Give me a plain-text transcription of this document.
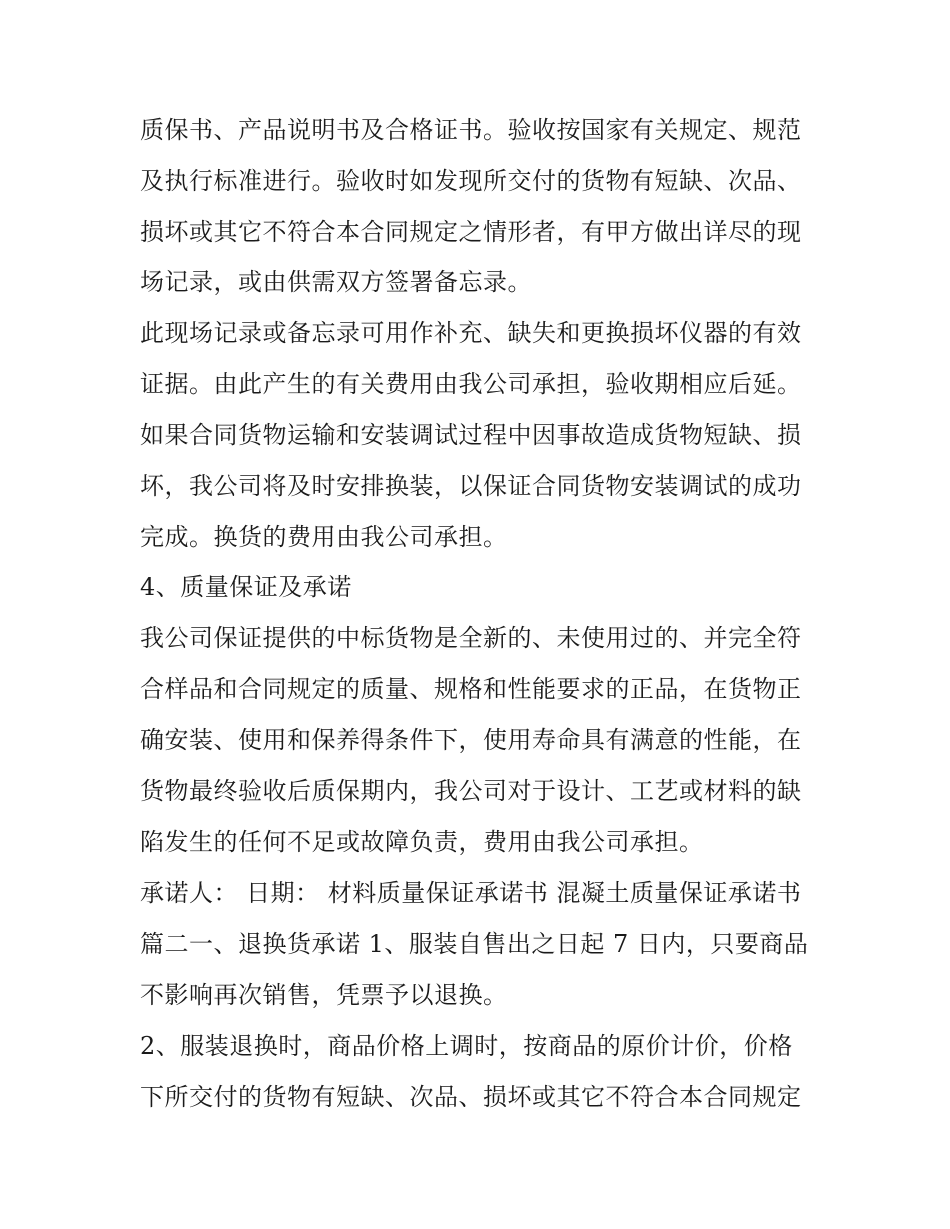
质保书、产品说明书及合格证书。验收按国家有关规定、规范
及执行标准进行。验收时如发现所交付的货物有短缺、次品、
损坏或其它不符合本合同规定之情形者，有甲方做出详尽的现
场记录，或由供需双方签署备忘录。
此现场记录或备忘录可用作补充、缺失和更换损坏仪器的有效
证据。由此产生的有关费用由我公司承担，验收期相应后延。
如果合同货物运输和安装调试过程中因事故造成货物短缺、损
坏，我公司将及时安排换装，以保证合同货物安装调试的成功
完成。换货的费用由我公司承担。
4、质量保证及承诺
我公司保证提供的中标货物是全新的、未使用过的、并完全符
合样品和合同规定的质量、规格和性能要求的正品，在货物正
确安装、使用和保养得条件下，使用寿命具有满意的性能，在
货物最终验收后质保期内，我公司对于设计、工艺或材料的缺
陷发生的任何不足或故障负责，费用由我公司承担。
承诺人： 日期： 材料质量保证承诺书 混凝土质量保证承诺书
篇二一、退换货承诺 1、服装自售出之日起 7 日内，只要商品
不影响再次销售，凭票予以退换。
2、服装退换时，商品价格上调时，按商品的原价计价，价格
下所交付的货物有短缺、次品、损坏或其它不符合本合同规定
